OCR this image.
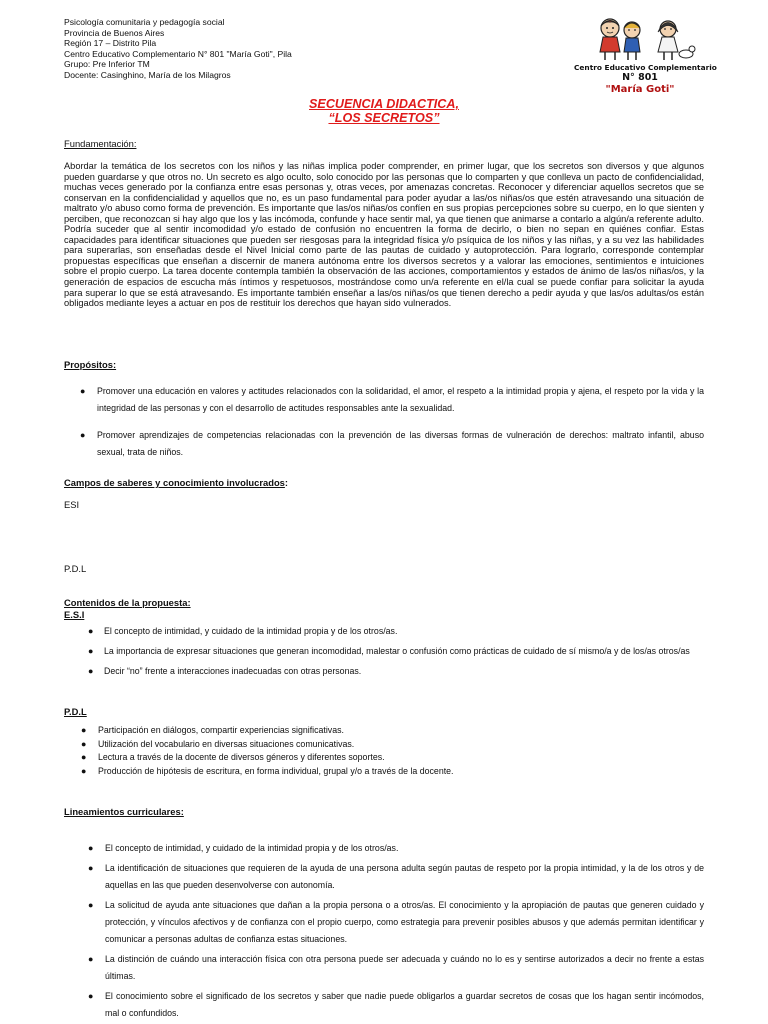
Psicología comunitaria y pedagogía social
Provincia de Buenos Aires
Región 17 – Distrito Pila
Centro Educativo Complementario N° 801 "María Goti", Pila
Grupo: Pre Inferior TM
Docente: Casinghino, María de los Milagros
Centro Educativo Complementario
N° 801
"María Goti"
SECUENCIA DIDACTICA,
“LOS SECRETOS”
Fundamentación:
Abordar la temática de los secretos con los niños y las niñas implica poder comprender, en primer lugar, que los secretos son diversos y que algunos pueden guardarse y que otros no. Un secreto es algo oculto, solo conocido por las personas que lo comparten y que conlleva un pacto de confidencialidad, muchas veces generado por la confianza entre esas personas y, otras veces, por amenazas concretas. Reconocer y diferenciar aquellos secretos que se conservan en la confidencialidad y aquellos que no, es un paso fundamental para poder ayudar a las/os niñas/os que estén atravesando una situación de maltrato y/o abuso como forma de prevención. Es importante que las/os niñas/os confíen en sus propias percepciones sobre su cuerpo, en lo que sienten y perciben, que reconozcan si hay algo que los y las incómoda, confunde y hace sentir mal, ya que tienen que animarse a contarlo a algún/a referente adulto. Podría suceder que al sentir incomodidad y/o estado de confusión no encuentren la forma de decirlo, o bien no sepan en quiénes confiar. Estas capacidades para identificar situaciones que pueden ser riesgosas para la integridad física y/o psíquica de los niños y las niñas, y a su vez las habilidades para superarlas, son enseñadas desde el Nivel Inicial como parte de las pautas de cuidado y autoprotección. Para lograrlo, corresponde contemplar propuestas específicas que enseñan a discernir de manera autónoma entre los diversos secretos y a valorar las emociones, sentimientos e intuiciones sobre el propio cuerpo. La tarea docente contempla también la observación de las acciones, comportamientos y estados de ánimo de las/os niñas/os, y la generación de espacios de escucha más íntimos y respetuosos, mostrándose como un/a referente en el/la cual se puede confiar para solicitar la ayuda para superar lo que se está atravesando. Es importante también enseñar a las/os niñas/os que tienen derecho a pedir ayuda y que las/os adultas/os están obligados mediante leyes a actuar en pos de restituir los derechos que hayan sido vulnerados.
Propósitos:
● Promover una educación en valores y actitudes relacionados con la solidaridad, el amor, el respeto a la intimidad propia y ajena, el respeto por la vida y la integridad de las personas y con el desarrollo de actitudes responsables ante la sexualidad.
● Promover aprendizajes de competencias relacionadas con la prevención de las diversas formas de vulneración de derechos: maltrato infantil, abuso sexual, trata de niños.
Campos de saberes y conocimiento involucrados:
ESI
P.D.L
Contenidos de la propuesta:
E.S.I
● El concepto de intimidad, y cuidado de la intimidad propia y de los otros/as.
● La importancia de expresar situaciones que generan incomodidad, malestar o confusión como prácticas de cuidado de sí mismo/a y de los/as otros/as
● Decir “no” frente a interacciones inadecuadas con otras personas.
P.D.L
● Participación en diálogos, compartir experiencias significativas.
● Utilización del vocabulario en diversas situaciones comunicativas.
● Lectura a través de la docente de diversos géneros y diferentes soportes.
● Producción de hipótesis de escritura, en forma individual, grupal y/o a través de la docente.
Lineamientos curriculares:
● El concepto de intimidad, y cuidado de la intimidad propia y de los otros/as.
● La identificación de situaciones que requieren de la ayuda de una persona adulta según pautas de respeto por la propia intimidad, y la de los otros y de aquellas en las que pueden desenvolverse con autonomía.
● La solicitud de ayuda ante situaciones que dañan a la propia persona o a otros/as. El conocimiento y la apropiación de pautas que generen cuidado y protección, y vínculos afectivos y de confianza con el propio cuerpo, como estrategia para prevenir posibles abusos y que además permitan identificar y comunicar a personas adultas de confianza estas situaciones.
● La distinción de cuándo una interacción física con otra persona puede ser adecuada y cuándo no lo es y sentirse autorizados a decir no frente a estas últimas.
● El conocimiento sobre el significado de los secretos y saber que nadie puede obligarlos a guardar secretos de cosas que los hagan sentir incómodos, mal o confundidos.
